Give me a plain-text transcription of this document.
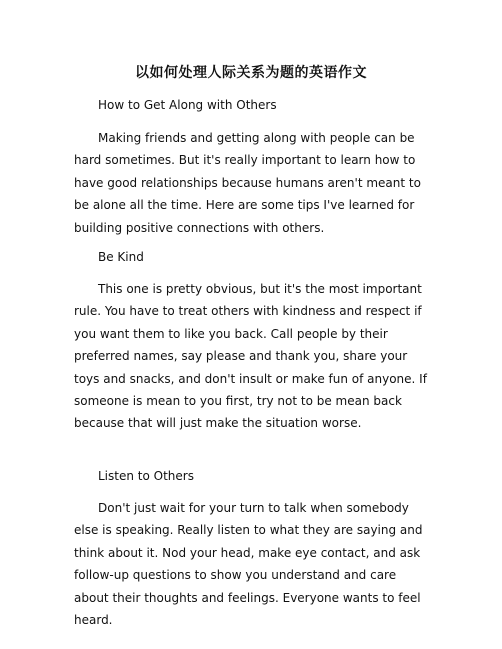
以如何处理人际关系为题的英语作文

How to Get Along with Others

Making friends and getting along with people can be hard sometimes. But it's really important to learn how to have good relationships because humans aren't meant to be alone all the time. Here are some tips I've learned for building positive connections with others.

Be Kind

This one is pretty obvious, but it's the most important rule. You have to treat others with kindness and respect if you want them to like you back. Call people by their preferred names, say please and thank you, share your toys and snacks, and don't insult or make fun of anyone. If someone is mean to you first, try not to be mean back because that will just make the situation worse.

Listen to Others

Don't just wait for your turn to talk when somebody else is speaking. Really listen to what they are saying and think about it. Nod your head, make eye contact, and ask follow-up questions to show you understand and care about their thoughts and feelings. Everyone wants to feel heard.
